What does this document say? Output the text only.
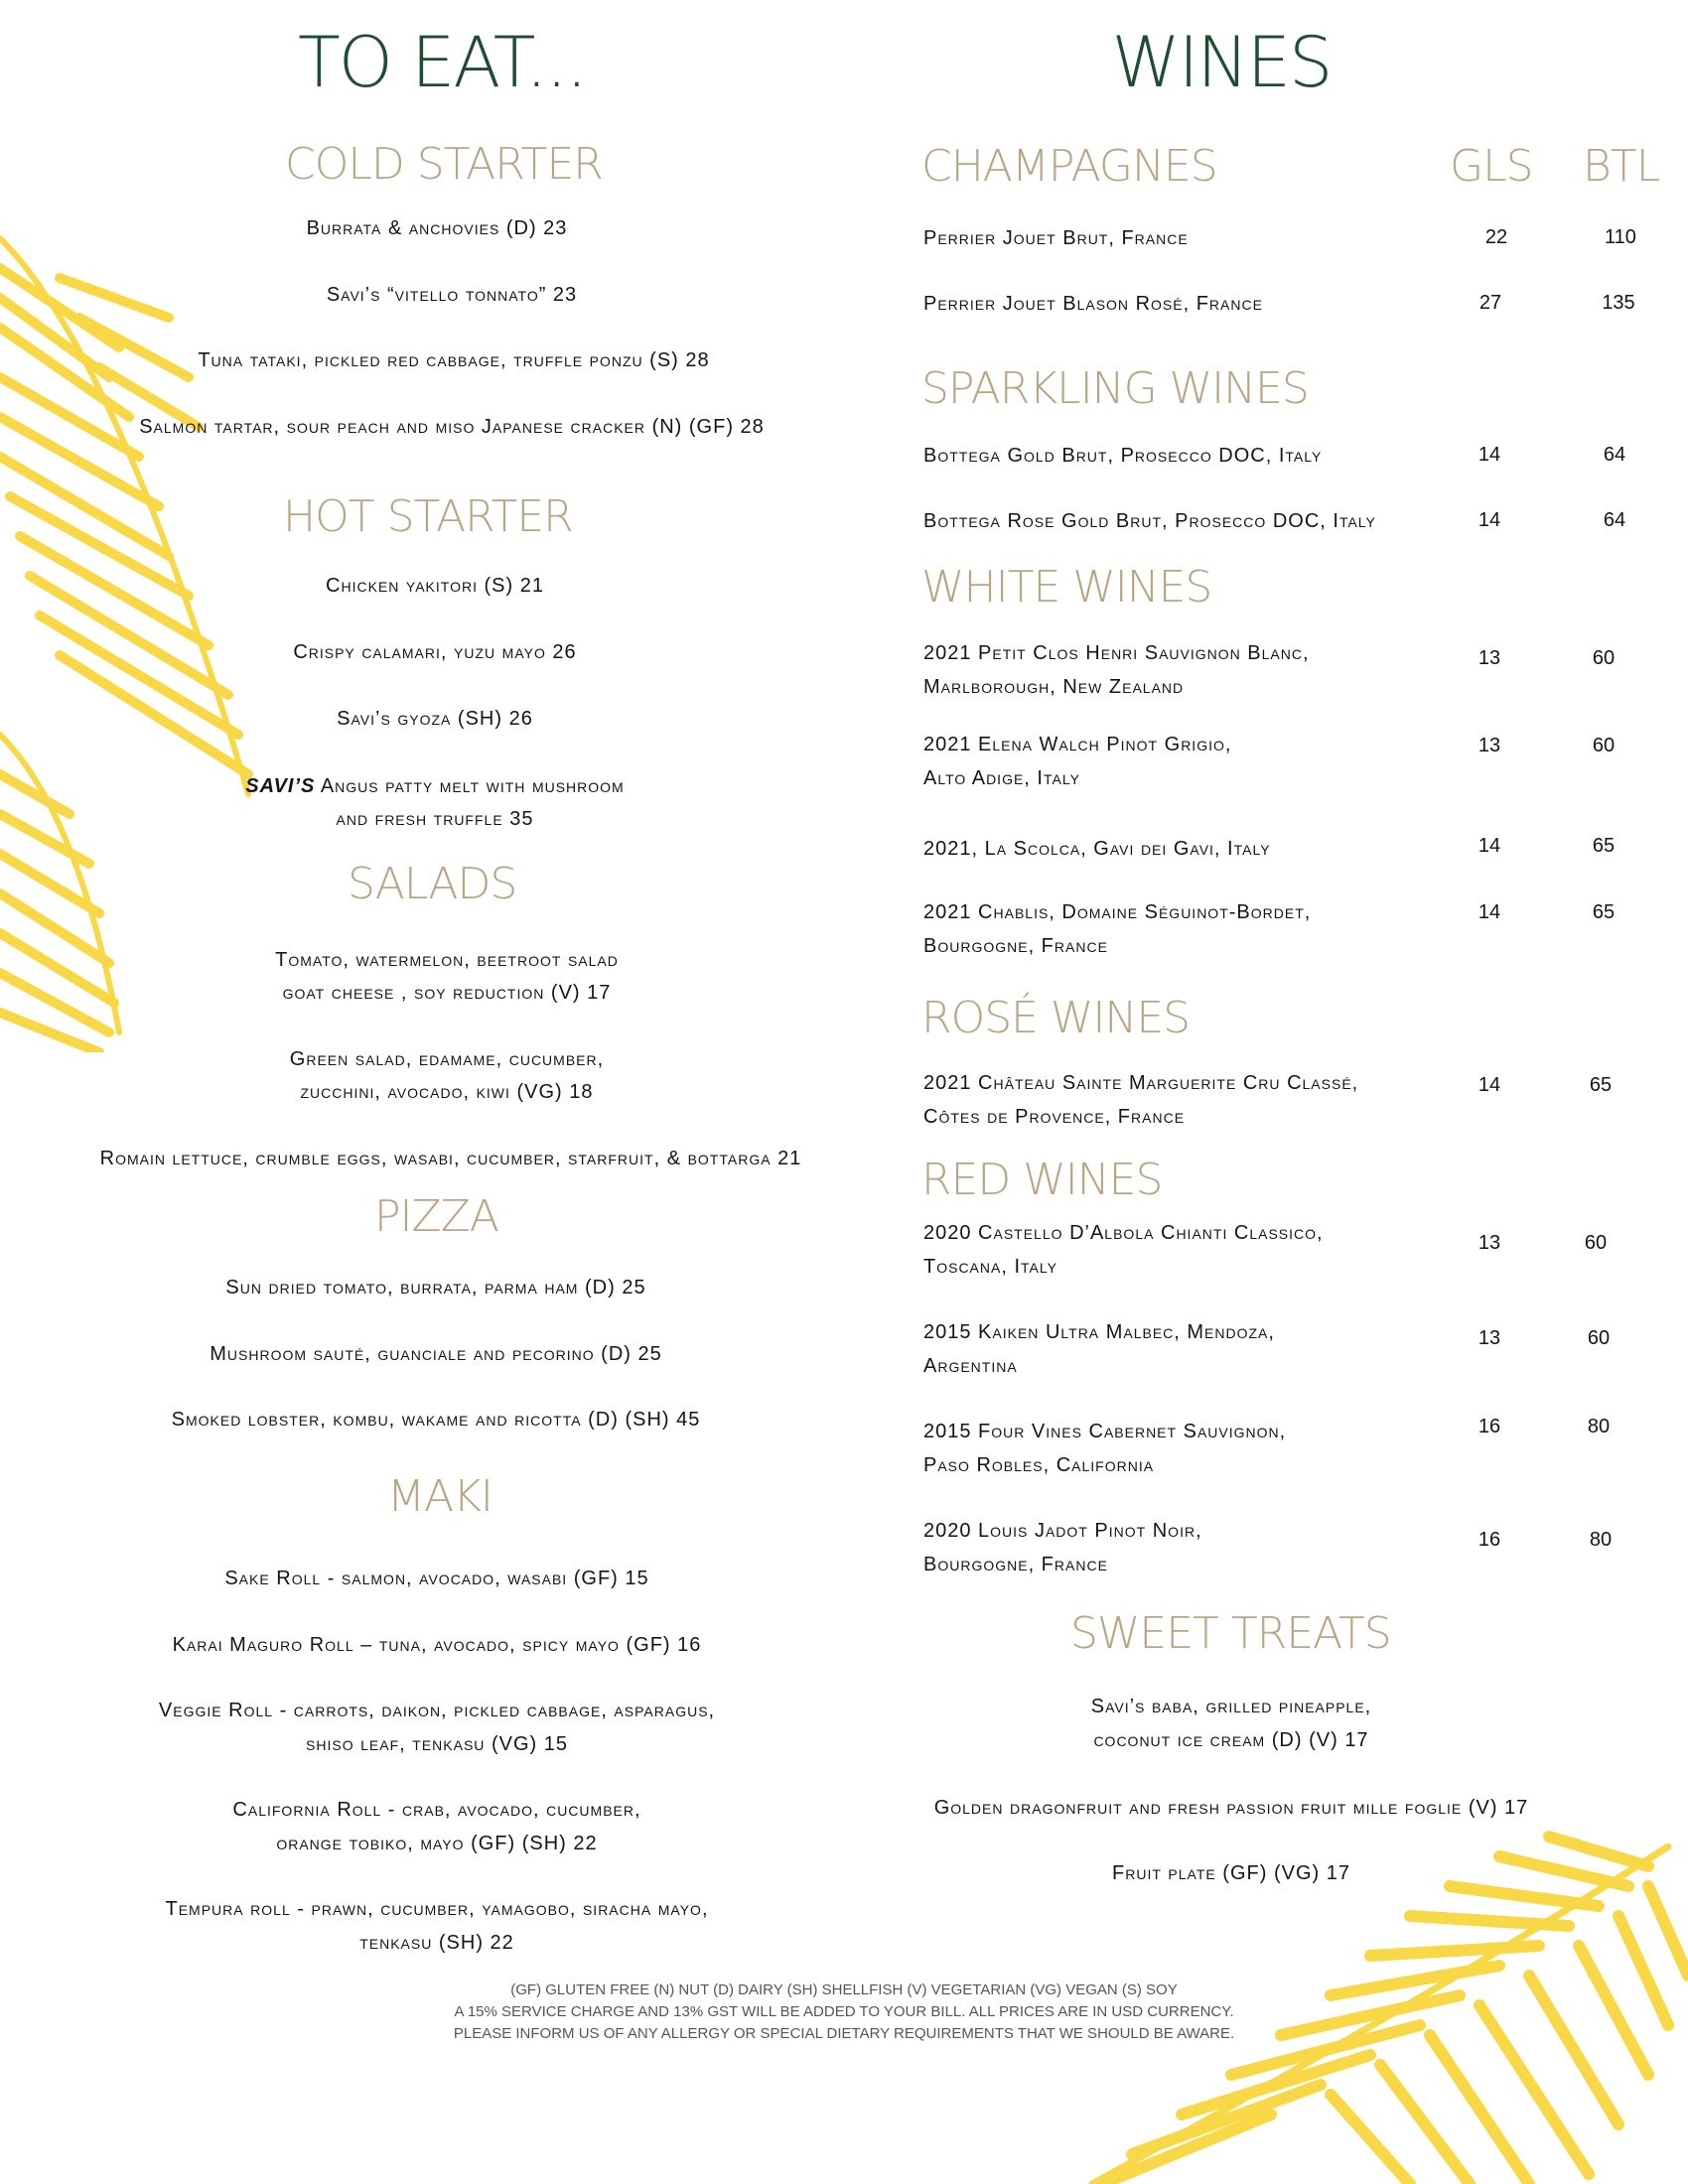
TO EAT...
COLD STARTER
Burrata & anchovies (D) 23
Savi’s “vitello tonnato” 23
Tuna tataki, pickled red cabbage, truffle ponzu (S) 28
Salmon tartar, sour peach and miso Japanese cracker (N) (GF) 28
HOT STARTER
Chicken yakitori (S) 21
Crispy calamari, yuzu mayo 26
Savi’s gyoza (SH) 26
SAVI’S Angus patty melt with mushroom
and fresh truffle 35
SALADS
Tomato, watermelon, beetroot salad
goat cheese , soy reduction (V) 17
Green salad, edamame, cucumber,
zucchini, avocado, kiwi (VG) 18
Romain lettuce, crumble eggs, wasabi, cucumber, starfruit, & bottarga 21
PIZZA
Sun dried tomato, burrata, parma ham (D) 25
Mushroom sauté, guanciale and pecorino (D) 25
Smoked lobster, kombu, wakame and ricotta (D) (SH) 45
MAKI
Sake Roll - salmon, avocado, wasabi (GF) 15
Karai Maguro Roll – tuna, avocado, spicy mayo (GF) 16
Veggie Roll - carrots, daikon, pickled cabbage, asparagus,
shiso leaf, tenkasu (VG) 15
California Roll - crab, avocado, cucumber,
orange tobiko, mayo (GF) (SH) 22
Tempura roll - prawn, cucumber, yamagobo, siracha mayo,
tenkasu (SH) 22
WINES
CHAMPAGNES	GLS BTL
Perrier Jouet Brut, France	22	110
Perrier Jouet Blason Rosé, France	27	135
SPARKLING WINES
Bottega Gold Brut, Prosecco DOC, Italy	14	64
Bottega Rose Gold Brut, Prosecco DOC, Italy	14	64
WHITE WINES
2021 Petit Clos Henri Sauvignon Blanc,
Marlborough, New Zealand
13	60
2021 Elena Walch Pinot Grigio,
Alto Adige, Italy
13	60
2021, La Scolca, Gavi dei Gavi, Italy	14	65
2021 Chablis, Domaine Séguinot-Bordet,
Bourgogne, France
14	65
ROSÉ WINES
2021 Château Sainte Marguerite Cru Classé,
Côtes de Provence, France
14	65
RED WINES
2020 Castello D’Albola Chianti Classico,
Toscana, Italy
13	60
2015 Kaiken Ultra Malbec, Mendoza,
Argentina
13	60
2015 Four Vines Cabernet Sauvignon,
Paso Robles, California
16	80
2020 Louis Jadot Pinot Noir,
Bourgogne, France
16	80
SWEET TREATS
Savi’s baba, grilled pineapple,
coconut ice cream (D) (V) 17
Golden dragonfruit and fresh passion fruit mille foglie (V) 17
Fruit plate (GF) (VG) 17
(GF) GLUTEN FREE (N) NUT (D) DAIRY (SH) SHELLFISH (V) VEGETARIAN (VG) VEGAN (S) SOY
A 15% SERVICE CHARGE AND 13% GST WILL BE ADDED TO YOUR BILL. ALL PRICES ARE IN USD CURRENCY.
PLEASE INFORM US OF ANY ALLERGY OR SPECIAL DIETARY REQUIREMENTS THAT WE SHOULD BE AWARE.
